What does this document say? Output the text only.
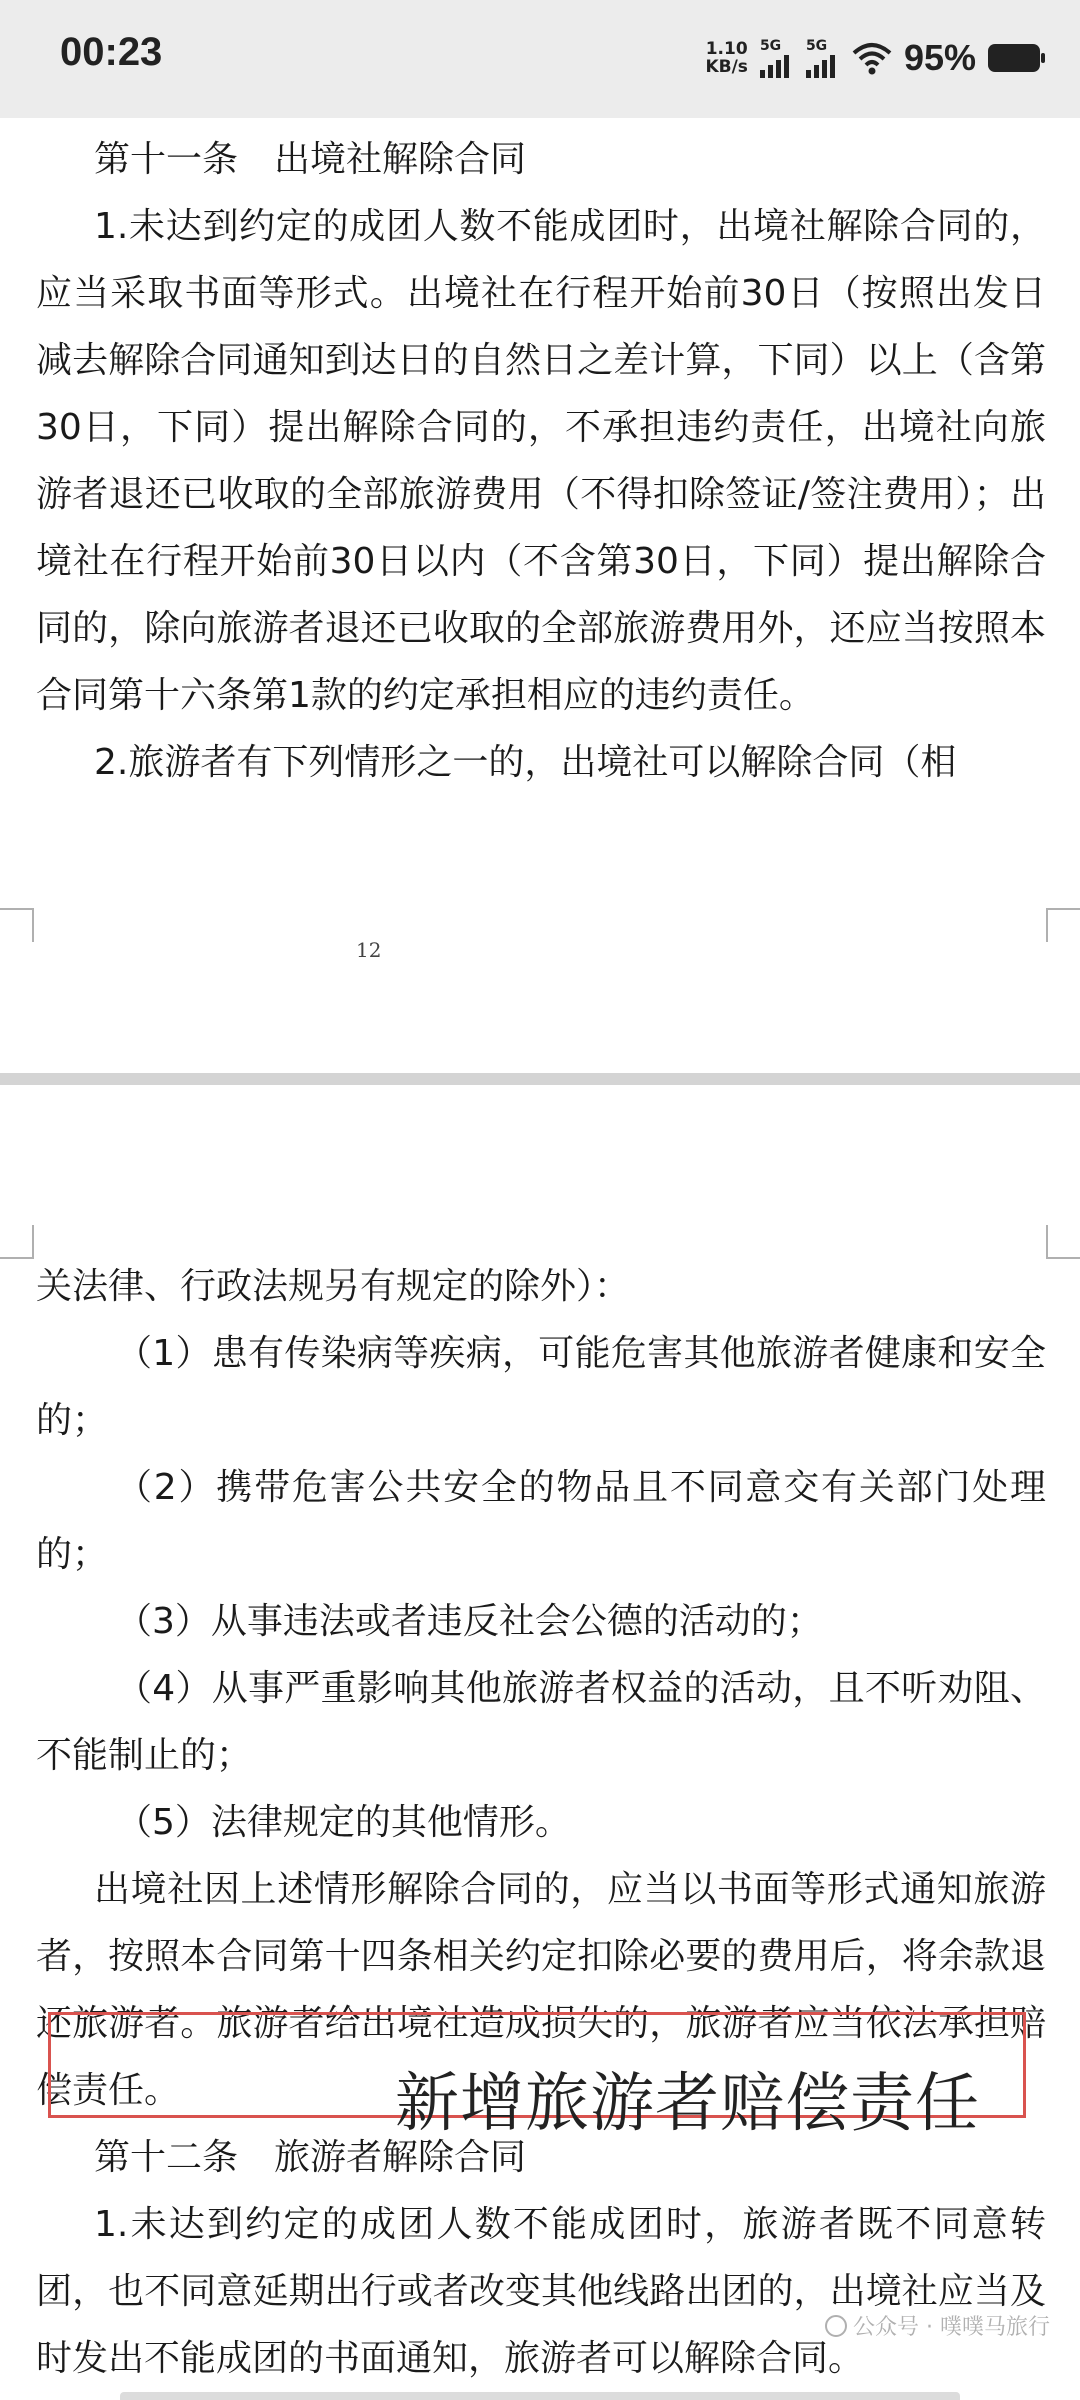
00:23	1.10
KB/s
5G 5G 95%

第十一条　出境社解除合同

1.未达到约定的成团人数不能成团时，出境社解除合同的，应当采取书面等形式。出境社在行程开始前30日（按照出发日减去解除合同通知到达日的自然日之差计算，下同）以上（含第30日，下同）提出解除合同的，不承担违约责任，出境社向旅游者退还已收取的全部旅游费用（不得扣除签证/签注费用）；出境社在行程开始前30日以内（不含第30日，下同）提出解除合同的，除向旅游者退还已收取的全部旅游费用外，还应当按照本合同第十六条第1款的约定承担相应的违约责任。

2.旅游者有下列情形之一的，出境社可以解除合同（相

12

关法律、行政法规另有规定的除外）：

（1）患有传染病等疾病，可能危害其他旅游者健康和安全的；

（2）携带危害公共安全的物品且不同意交有关部门处理的；

（3）从事违法或者违反社会公德的活动的；

（4）从事严重影响其他旅游者权益的活动，且不听劝阻、不能制止的；

（5）法律规定的其他情形。

出境社因上述情形解除合同的，应当以书面等形式通知旅游者，按照本合同第十四条相关约定扣除必要的费用后，将余款退还旅游者。旅游者给出境社造成损失的，旅游者应当依法承担赔偿责任。

第十二条　旅游者解除合同

1.未达到约定的成团人数不能成团时，旅游者既不同意转团，也不同意延期出行或者改变其他线路出团的，出境社应当及时发出不能成团的书面通知，旅游者可以解除合同。

新增旅游者赔偿责任
公众号 · 噗噗马旅行
